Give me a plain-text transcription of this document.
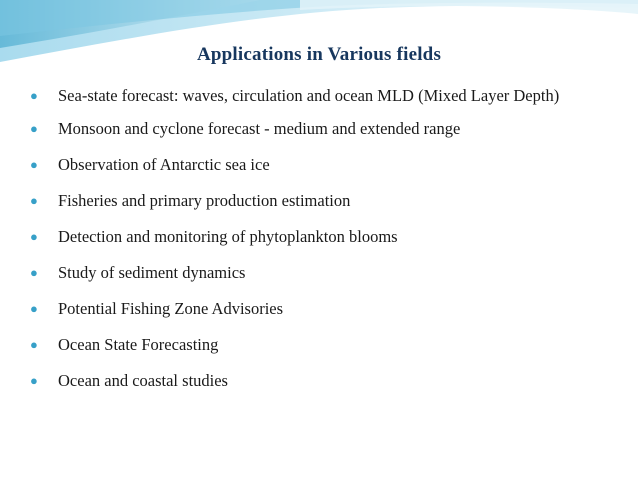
Applications in Various fields
● Sea-state forecast: waves, circulation and ocean MLD (Mixed Layer Depth)
● Monsoon and cyclone forecast - medium and extended range
● Observation of Antarctic sea ice
● Fisheries and primary production estimation
● Detection and monitoring of phytoplankton blooms
● Study of sediment dynamics
● Potential Fishing Zone Advisories
● Ocean State Forecasting
● Ocean and coastal studies
